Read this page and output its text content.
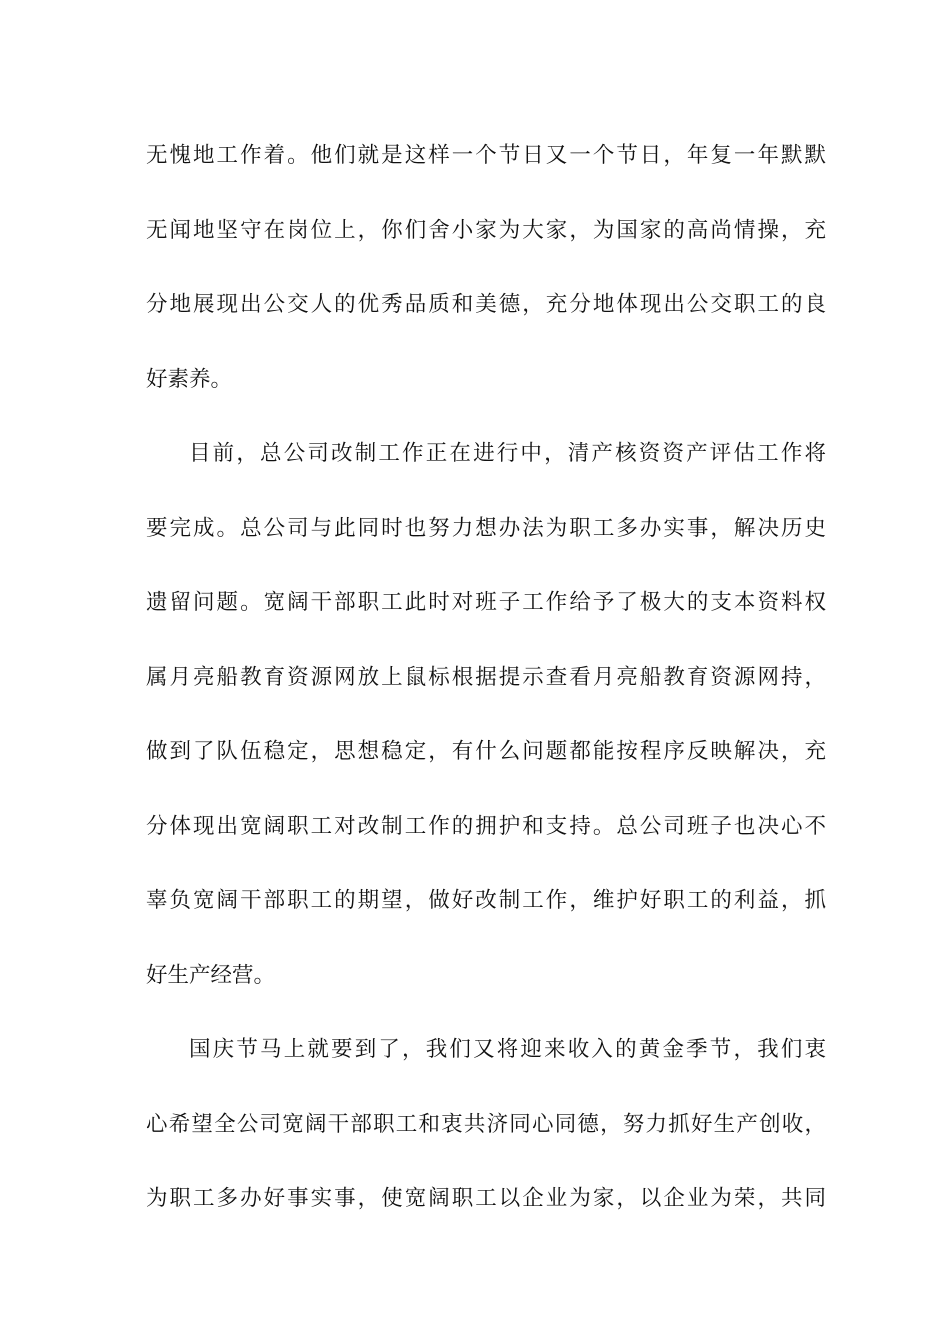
无愧地工作着。他们就是这样一个节日又一个节日，年复一年默默
无闻地坚守在岗位上，你们舍小家为大家，为国家的高尚情操，充
分地展现出公交人的优秀品质和美德，充分地体现出公交职工的良
好素养。
目前，总公司改制工作正在进行中，清产核资资产评估工作将
要完成。总公司与此同时也努力想办法为职工多办实事，解决历史
遗留问题。宽阔干部职工此时对班子工作给予了极大的支本资料权
属月亮船教育资源网放上鼠标根据提示查看月亮船教育资源网持，
做到了队伍稳定，思想稳定，有什么问题都能按程序反映解决，充
分体现出宽阔职工对改制工作的拥护和支持。总公司班子也决心不
辜负宽阔干部职工的期望，做好改制工作，维护好职工的利益，抓
好生产经营。
国庆节马上就要到了，我们又将迎来收入的黄金季节，我们衷
心希望全公司宽阔干部职工和衷共济同心同德，努力抓好生产创收，
为职工多办好事实事，使宽阔职工以企业为家，以企业为荣，共同
